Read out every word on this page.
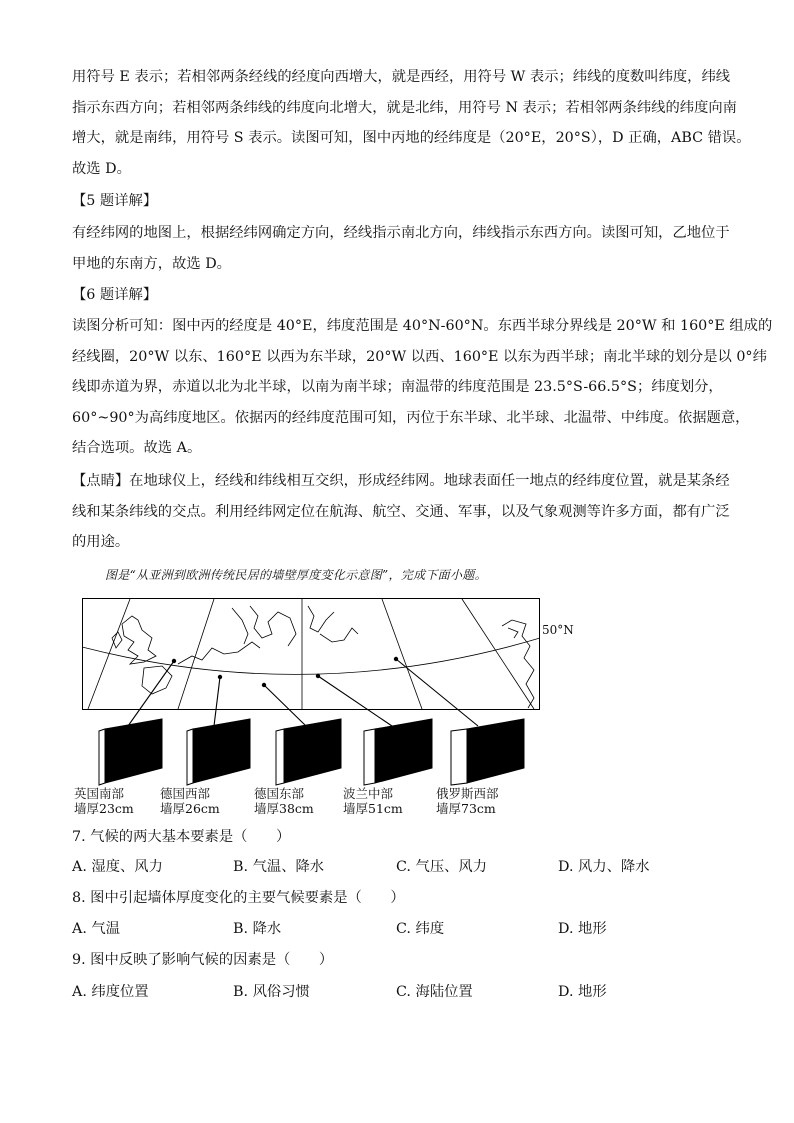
用符号 E 表示；若相邻两条经线的经度向西增大，就是西经，用符号 W 表示；纬线的度数叫纬度，纬线
指示东西方向；若相邻两条纬线的纬度向北增大，就是北纬，用符号 N 表示；若相邻两条纬线的纬度向南
增大，就是南纬，用符号 S 表示。读图可知，图中丙地的经纬度是（20°E，20°S），D 正确，ABC 错误。
故选 D。
【5 题详解】
有经纬网的地图上，根据经纬网确定方向，经线指示南北方向，纬线指示东西方向。读图可知，乙地位于
甲地的东南方，故选 D。
【6 题详解】
读图分析可知：图中丙的经度是 40°E，纬度范围是 40°N-60°N。东西半球分界线是 20°W 和 160°E 组成的
经线圈，20°W 以东、160°E 以西为东半球，20°W 以西、160°E 以东为西半球；南北半球的划分是以 0°纬
线即赤道为界，赤道以北为北半球，以南为南半球；南温带的纬度范围是 23.5°S-66.5°S；纬度划分，
60°~90°为高纬度地区。依据丙的经纬度范围可知，丙位于东半球、北半球、北温带、中纬度。依据题意，
结合选项。故选 A。
【点睛】在地球仪上，经线和纬线相互交织，形成经纬网。地球表面任一地点的经纬度位置，就是某条经
线和某条纬线的交点。利用经纬网定位在航海、航空、交通、军事，以及气象观测等许多方面，都有广泛
的用途。
图是“从亚洲到欧洲传统民居的墙壁厚度变化示意图”，完成下面小题。
50°N
英国南部
墙厚23cm
德国西部
墙厚26cm
德国东部
墙厚38cm
波兰中部
墙厚51cm
俄罗斯西部
墙厚73cm
7. 气候的两大基本要素是（　　）
A. 湿度、风力	B. 气温、降水	C. 气压、风力	D. 风力、降水
8. 图中引起墙体厚度变化的主要气候要素是（　　）
A. 气温	B. 降水	C. 纬度	D. 地形
9. 图中反映了影响气候的因素是（　　）
A. 纬度位置	B. 风俗习惯	C. 海陆位置	D. 地形
